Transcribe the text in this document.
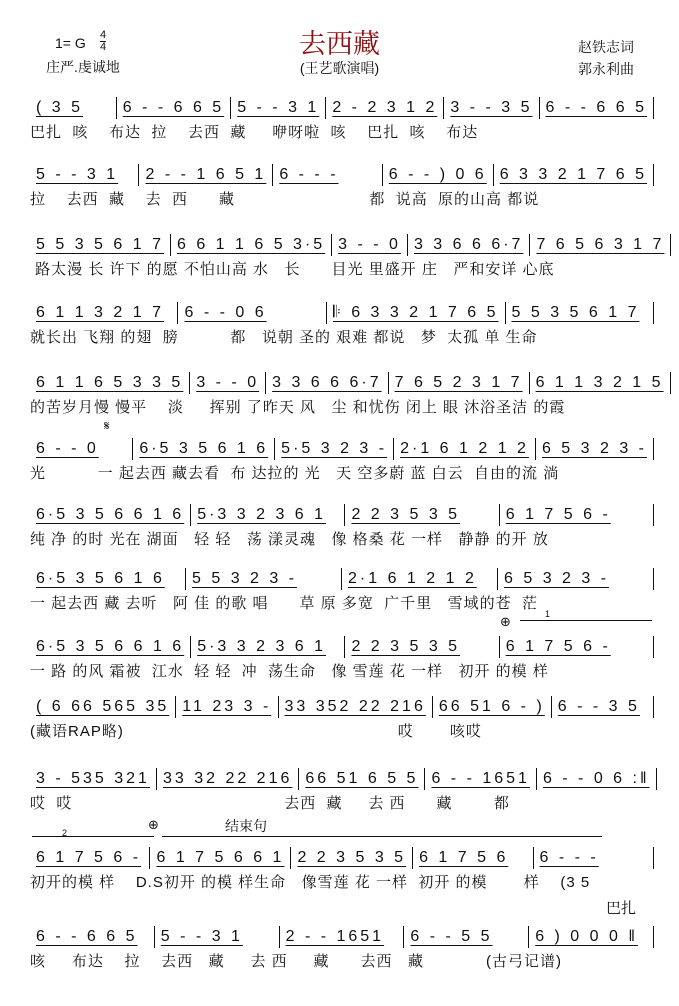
去西藏
1= G 4
4
庄严.虔诚地	(王艺歌演唱)
赵铁志词
郭永利曲
( 3 5	6 - - 6 6 5 5 - - 3 1 2 - 2 3 1 2 3 - - 3 5 6 - - 6 6 5
巴扎  咳    布达  拉    去西  藏     咿呀啦  咳    巴扎  咳    布达
5 - - 3 1	2 - - 1 6 5 1 6 - - -	6 - - ) 0 6 6 3 3 2 1 7 6 5
拉    去西  藏    去  西      藏                          都  说高  原的山高 都说
5 5 3 5 6 1 7 6 6 1 1 6 5 3·5 3 - - 0 3 3 6 6 6·7 7 6 5 6 3 1 7
路太漫 长 许下 的愿 不怕山高 水   长      目光 里盛开 庄   严和安详 心底
6 1 1 3 2 1 7	6 - - 0 6	𝄆 6 3 3 2 1 7 6 5 5 5 3 5 6 1 7
就长出 飞翔 的翅  膀          都   说朝 圣的 艰难 都说   梦  太孤 单 生命
6 1 1 6 5 3 3 5 3 - - 0 3 3 6 6 6·7 7 6 5 2 3 1 7 6 1 1 3 2 1 5
的苦岁月慢 慢平    淡     挥别 了昨天 风   尘 和忧伤 闭上 眼 沐浴圣洁 的霞
6 - - 0	6·5 3 5 6 1 6 5·5 3 2 3 - 2·1 6 1 2 1 2 6 5 3 2 3 -
光          一 起去西 藏去看  布 达拉的 光   天 空多蔚 蓝 白云  自由的流 淌
6·5 3 5 6 6 1 6 5·3 3 2 3 6 1	2 2 3 5 3 5	6 1 7 5 6 -
纯 净 的时 光在 湖面   轻 轻   荡 漾灵魂   像 格桑 花 一样   静静 的开 放
6·5 3 5 6 1 6	5 5 3 2 3 -	2·1 6 1 2 1 2	6 5 3 2 3 -
一 起去西 藏 去听   阿 佳 的歌 唱      草 原 多宽  广千里   雪域的苍  茫
6·5 3 5 6 6 1 6 5·3 3 2 3 6 1	2 2 3 5 3 5	6 1 7 5 6 -
一 路 的风 霜被  江水  轻 轻  冲  荡生命   像 雪莲 花 一样   初开 的模 样
( 6 66 565 35 11 23 3 - 33 352 22 216 66 51 6 - ) 6 - - 3 5
(藏语RAP略)                                                     哎       咳哎
3 - 535 321 33 32 22 216 66 51 6 5 5 6 - - 1651 6 - - 0 6 :‖
哎  哎                                         去西  藏     去 西      藏        都
6 1 7 5 6 - 6 1 7 5 6 6 1 2 2 3 5 3 5 6 1 7 5 6	6 - - -
初开的模 样    D.S初开 的模 样生命   像雪莲 花 一样  初开 的模       样    (3 5
6 - - 6 6 5	5 - - 3 1	2 - - 1651	6 - - 5 5	6 ) 0 0 0 ‖
咳     布达    拉    去西   藏     去 西     藏      去西   藏            (古弓记谱)
𝄋
⊕	1
⊕	结束句
2
巴扎
